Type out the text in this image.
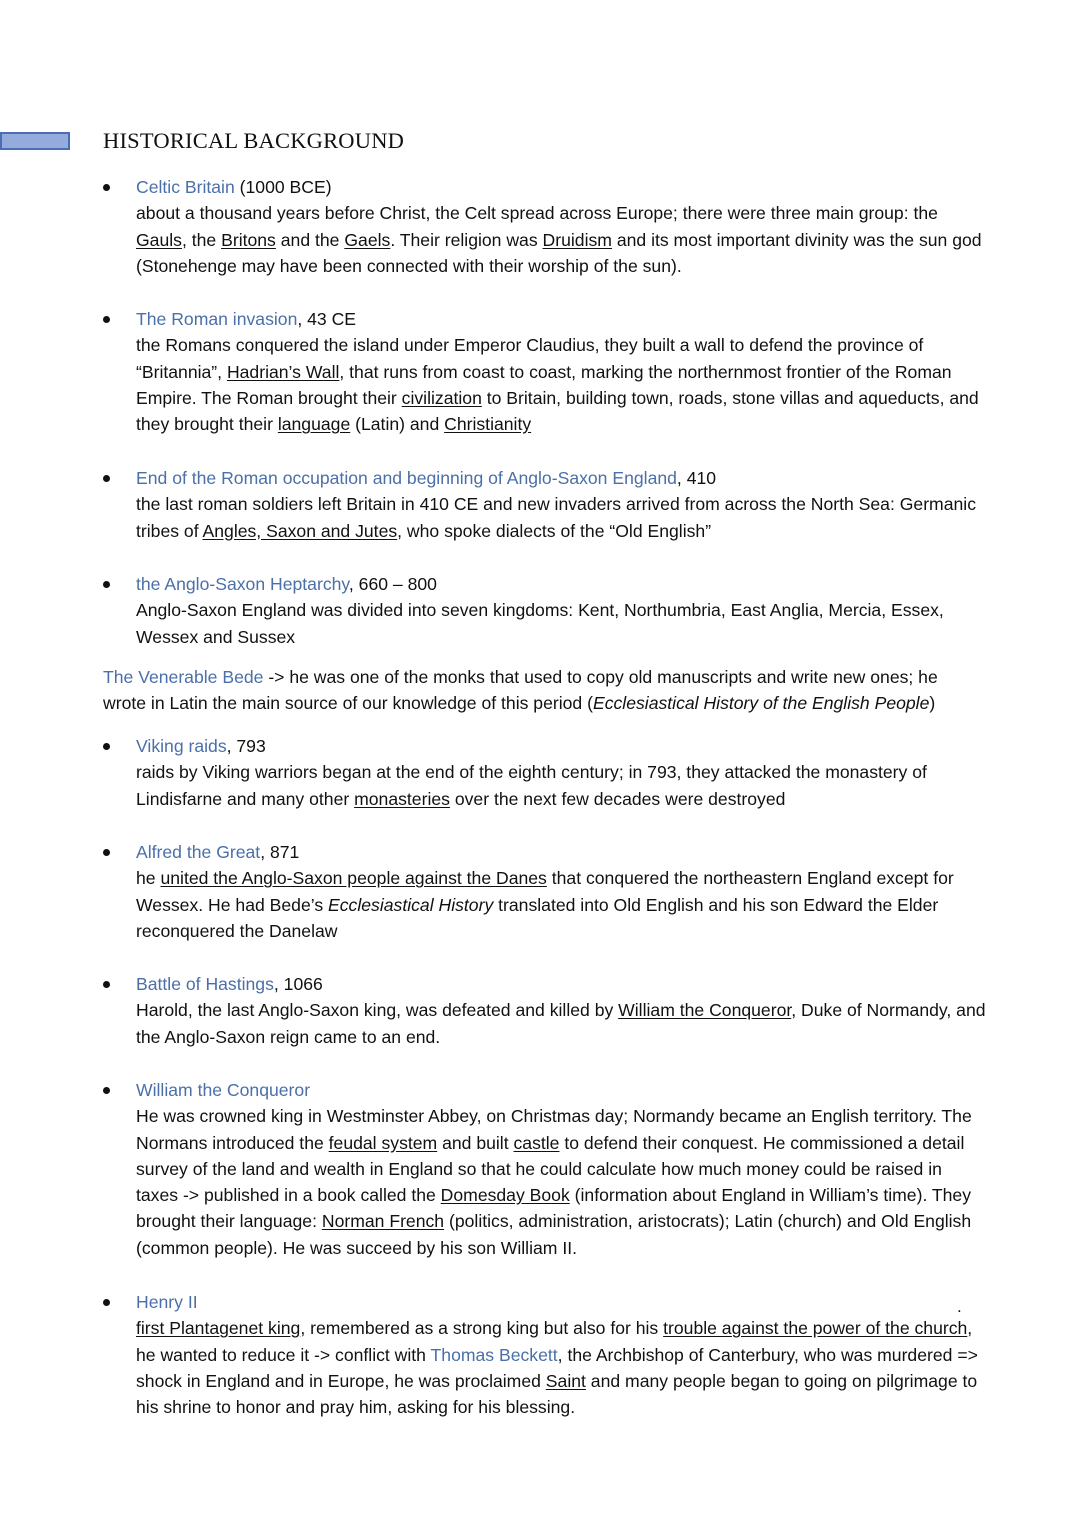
HISTORICAL BACKGROUND
Celtic Britain (1000 BCE)
about a thousand years before Christ, the Celt spread across Europe; there were three main group: the Gauls, the Britons and the Gaels. Their religion was Druidism and its most important divinity was the sun god (Stonehenge may have been connected with their worship of the sun).
The Roman invasion, 43 CE
the Romans conquered the island under Emperor Claudius, they built a wall to defend the province of “Britannia”, Hadrian’s Wall, that runs from coast to coast, marking the northernmost frontier of the Roman Empire. The Roman brought their civilization to Britain, building town, roads, stone villas and aqueducts, and they brought their language (Latin) and Christianity
End of the Roman occupation and beginning of Anglo-Saxon England, 410
the last roman soldiers left Britain in 410 CE and new invaders arrived from across the North Sea: Germanic tribes of Angles, Saxon and Jutes, who spoke dialects of the “Old English”
the Anglo-Saxon Heptarchy, 660 – 800
Anglo-Saxon England was divided into seven kingdoms: Kent, Northumbria, East Anglia, Mercia, Essex, Wessex and Sussex
The Venerable Bede -> he was one of the monks that used to copy old manuscripts and write new ones; he wrote in Latin the main source of our knowledge of this period (Ecclesiastical History of the English People)
Viking raids, 793
raids by Viking warriors began at the end of the eighth century; in 793, they attacked the monastery of Lindisfarne and many other monasteries over the next few decades were destroyed
Alfred the Great, 871
he united the Anglo-Saxon people against the Danes that conquered the northeastern England except for Wessex. He had Bede’s Ecclesiastical History translated into Old English and his son Edward the Elder reconquered the Danelaw
Battle of Hastings, 1066
Harold, the last Anglo-Saxon king, was defeated and killed by William the Conqueror, Duke of Normandy, and the Anglo-Saxon reign came to an end.
William the Conqueror
He was crowned king in Westminster Abbey, on Christmas day; Normandy became an English territory. The Normans introduced the feudal system and built castle to defend their conquest. He commissioned a detail survey of the land and wealth in England so that he could calculate how much money could be raised in taxes -> published in a book called the Domesday Book (information about England in William’s time). They brought their language: Norman French (politics, administration, aristocrats); Latin (church) and Old English (common people). He was succeed by his son William II.
Henry II
first Plantagenet king, remembered as a strong king but also for his trouble against the power of the church, he wanted to reduce it -> conflict with Thomas Beckett, the Archbishop of Canterbury, who was murdered => shock in England and in Europe, he was proclaimed Saint and many people began to going on pilgrimage to his shrine to honor and pray him, asking for his blessing.
.
